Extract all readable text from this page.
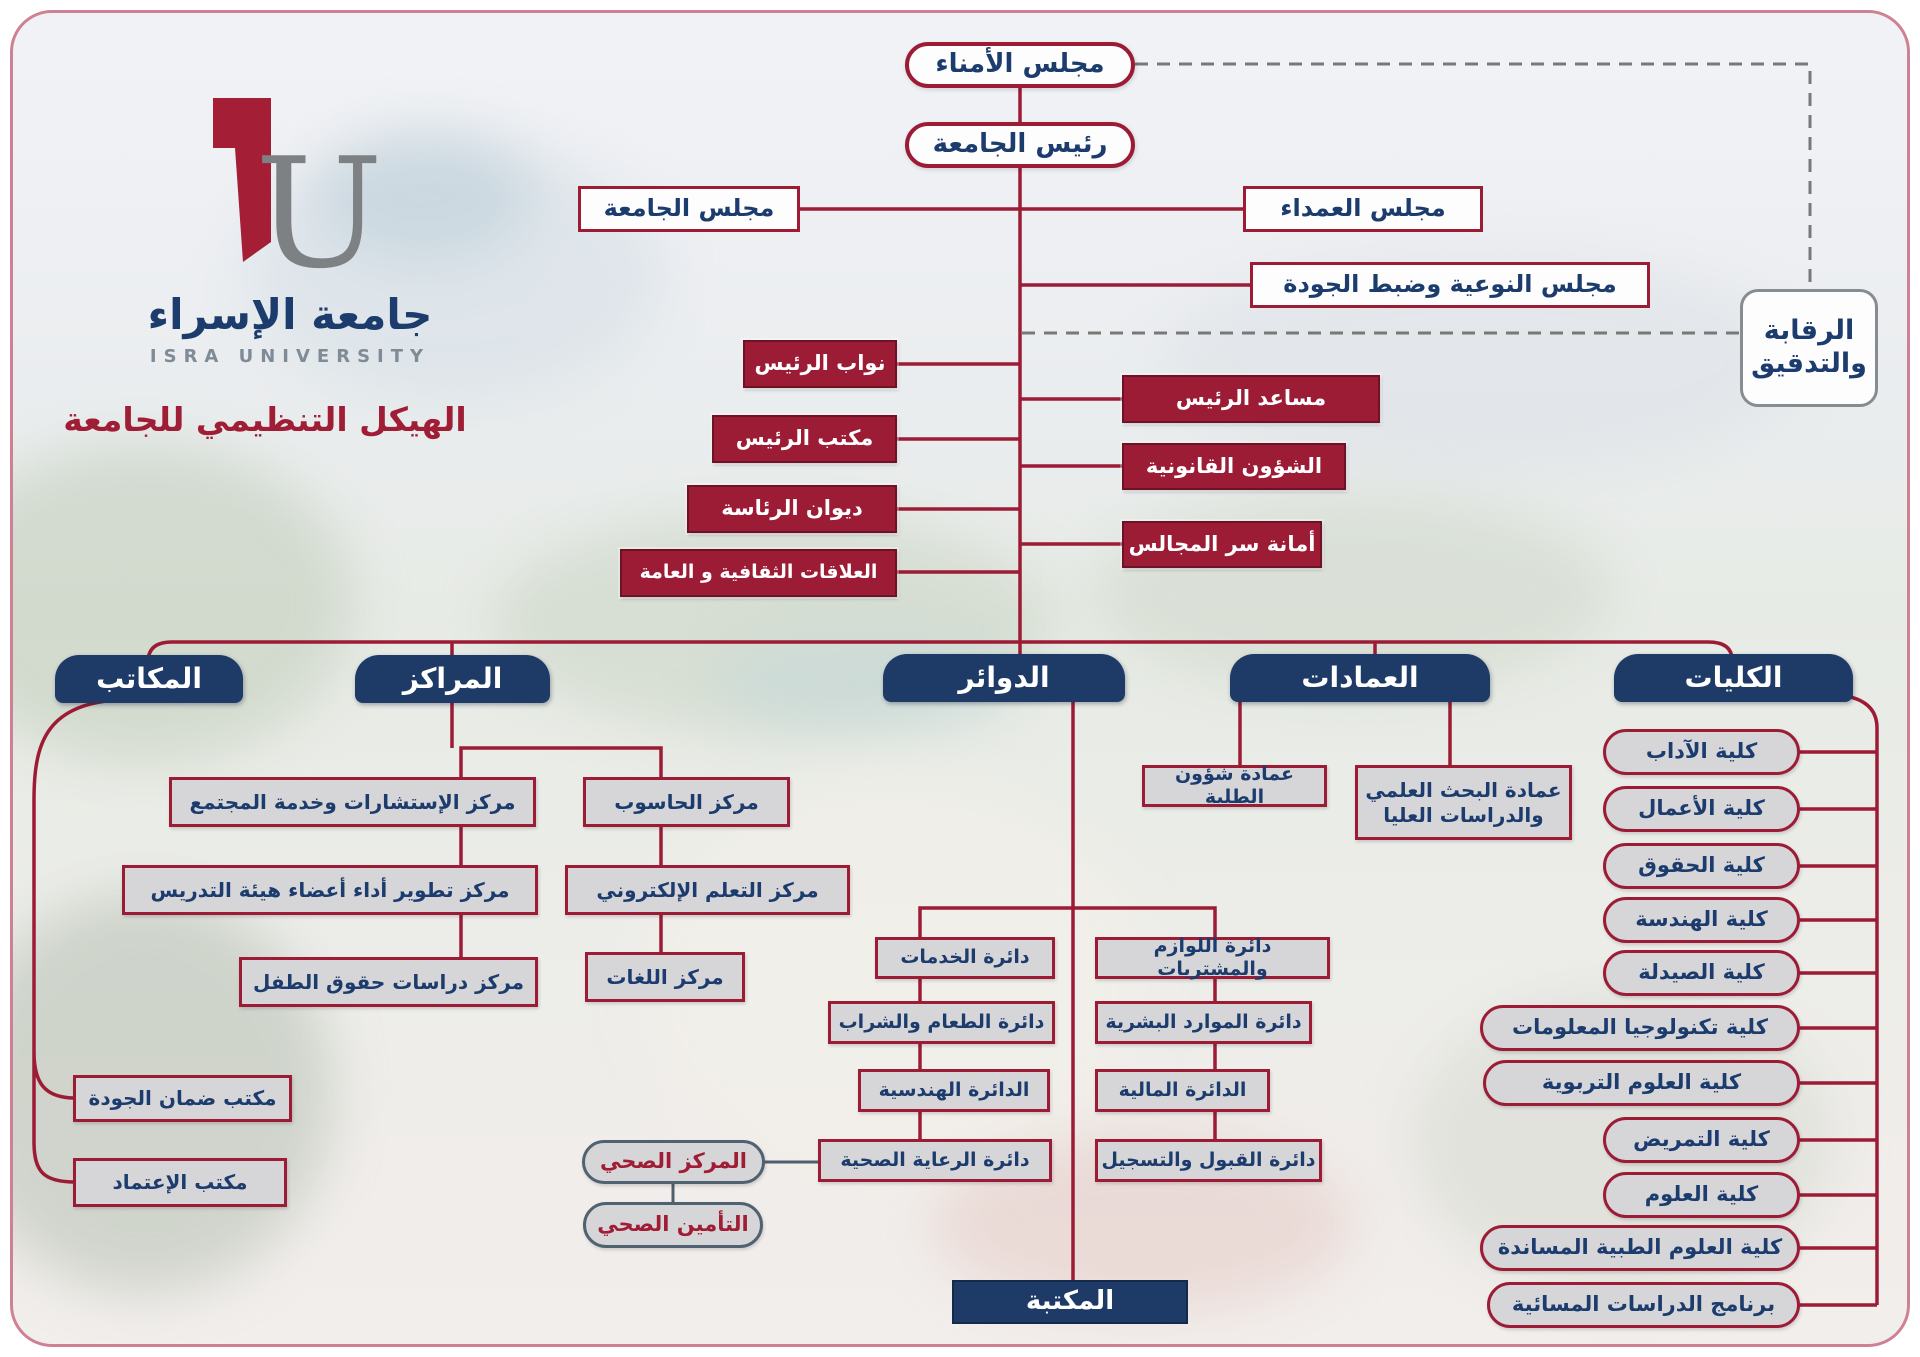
U
جامعة الإسراء
ISRA UNIVERSITY
الهيكل التنظيمي للجامعة
مجلس الأمناء
رئيس الجامعة
مجلس الجامعة	مجلس العمداء
مجلس النوعية وضبط الجودة
الرقابة والتدقيق
نواب الرئيس
مكتب الرئيس
ديوان الرئاسة
العلاقات الثقافية و العامة
مساعد الرئيس
الشؤون القانونية
أمانة سر المجالس
المكاتب	المراكز	الدوائر	العمادات	الكليات
مكتب ضمان الجودة
مكتب الإعتماد
مركز الإستشارات وخدمة المجتمع
مركز تطوير أداء أعضاء هيئة التدريس
مركز دراسات حقوق الطفل
مركز الحاسوب
مركز التعلم الإلكتروني
مركز اللغات
دائرة الخدمات
دائرة الطعام والشراب
الدائرة الهندسية
دائرة الرعاية الصحية
دائرة اللوازم والمشتريات
دائرة الموارد البشرية
الدائرة المالية
دائرة القبول والتسجيل
المركز الصحي
التأمين الصحي
المكتبة
عمادة شؤون الطلبة	عمادة البحث العلمي والدراسات العليا
كلية الآداب
كلية الأعمال
كلية الحقوق
كلية الهندسة
كلية الصيدلة
كلية تكنولوجيا المعلومات
كلية العلوم التربوية
كلية التمريض
كلية العلوم
كلية العلوم الطبية المساندة
برنامج الدراسات المسائية
